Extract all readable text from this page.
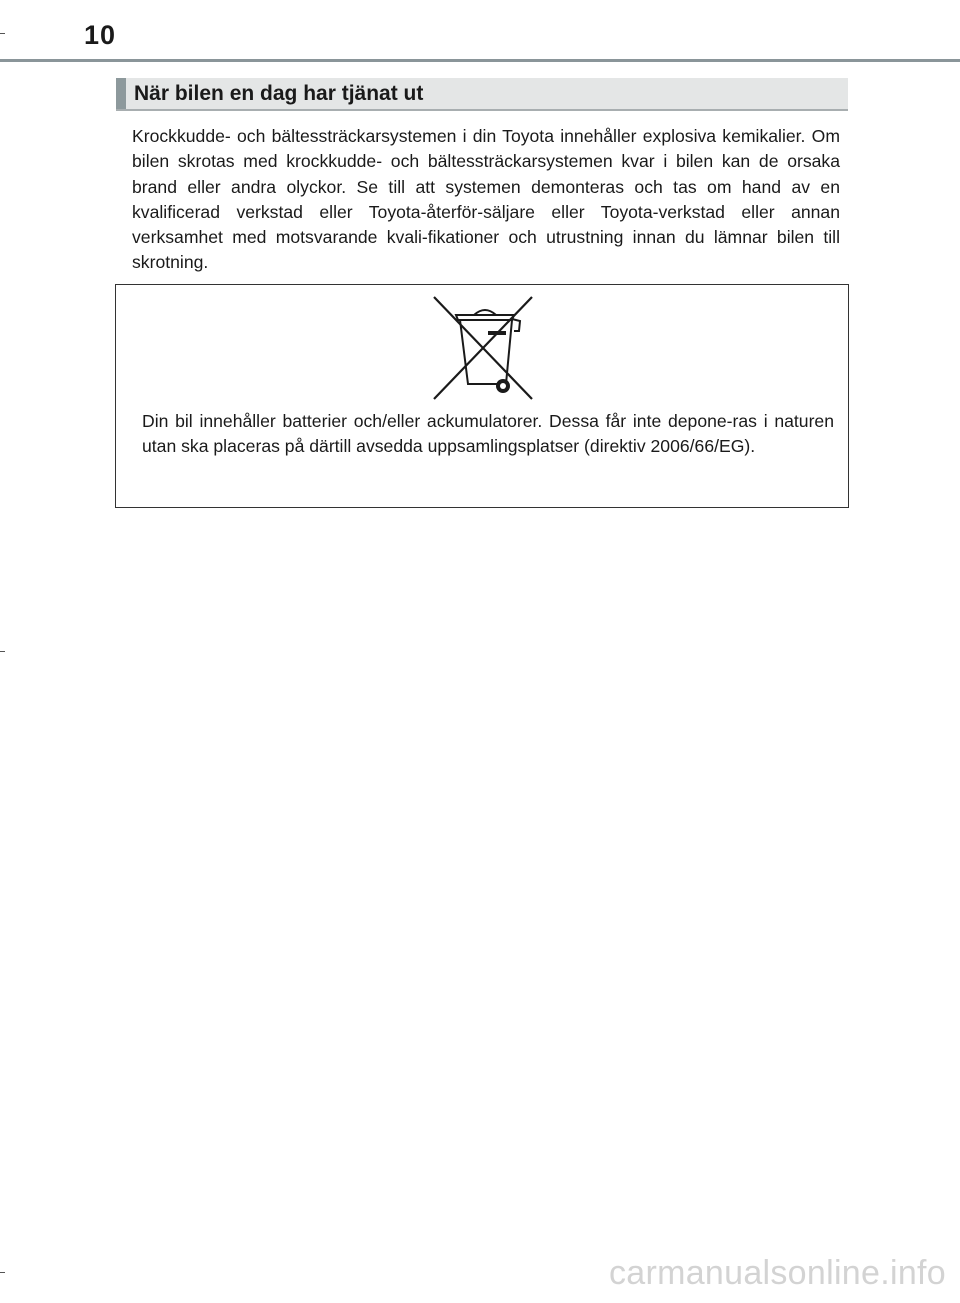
10
När bilen en dag har tjänat ut

Krockkudde- och bältessträckarsystemen i din Toyota innehåller explosiva kemikalier. Om bilen skrotas med krockkudde- och bältessträckarsystemen kvar i bilen kan de orsaka brand eller andra olyckor. Se till att systemen demonteras och tas om hand av en kvalificerad verkstad eller Toyota-återför-säljare eller Toyota-verkstad eller annan verksamhet med motsvarande kvali-fikationer och utrustning innan du lämnar bilen till skrotning.

Din bil innehåller batterier och/eller ackumulatorer. Dessa får inte depone-ras i naturen utan ska placeras på därtill avsedda uppsamlingsplatser (direktiv 2006/66/EG).

carmanualsonline.info
